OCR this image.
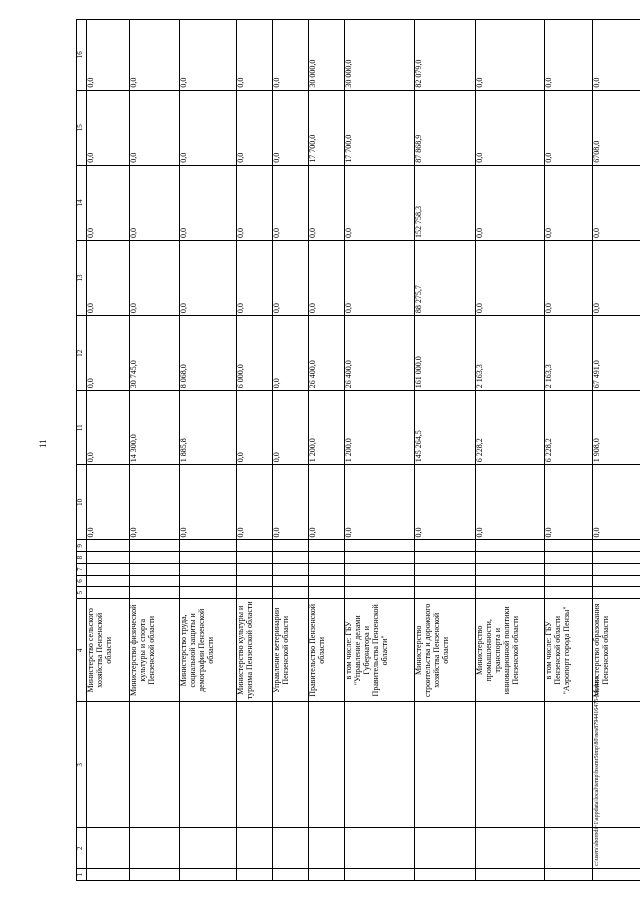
11
1	2	3	4	5	6	7	8	9	10	11	12	13	14	15	16
			Министерство сельского хозяйства Пензенской области						0,0	0,0	0,0	0,0	0,0	0,0	0,0
			Министерство физической культуры и спорта Пензенской области						0,0	14 300,0	30 745,0	0,0	0,0	0,0	0,0
			Министерство труда, социальной защиты и демографии Пензенской области						0,0	1 885,8	8 068,0	0,0	0,0	0,0	0,0
			Министерство культуры и туризма Пензенской области						0,0	0,0	6 000,0	0,0	0,0	0,0	0,0
			Управление ветеринарии Пензенской области						0,0	0,0	0,0	0,0	0,0	0,0	0,0
			Правительство Пензенской области						0,0	1 200,0	26 400,0	0,0	0,0	17 700,0	30 000,0
			в том числе: ГБУ "Управление делами Губернатора и Правительства Пензенской области"						0,0	1 200,0	26 400,0	0,0	0,0	17 700,0	30 000,0
			Министерство строительства и дорожного хозяйства Пензенской области						0,0	145 264,5	161 000,0	88 275,7	152 758,3	87 868,9	82 079,0
			Министерство промышленности, транспорта и инновационной политики Пензенской области						0,0	6 228,2	2 163,3	0,0	0,0	0,0	0,0
			в том числе: ГБУ Пензенской области "Аэропорт города Пензы"						0,0	6 228,2	2 163,3	0,0	0,0	0,0	0,0
			Министерство образования Пензенской области						0,0	1 908,0	67 491,0	0,0	0,0	6708,0	0,0
c:\users\sborodi~1\appdata\local\temp\bssmr5tmp\80\nes8794416475-ma.docx
